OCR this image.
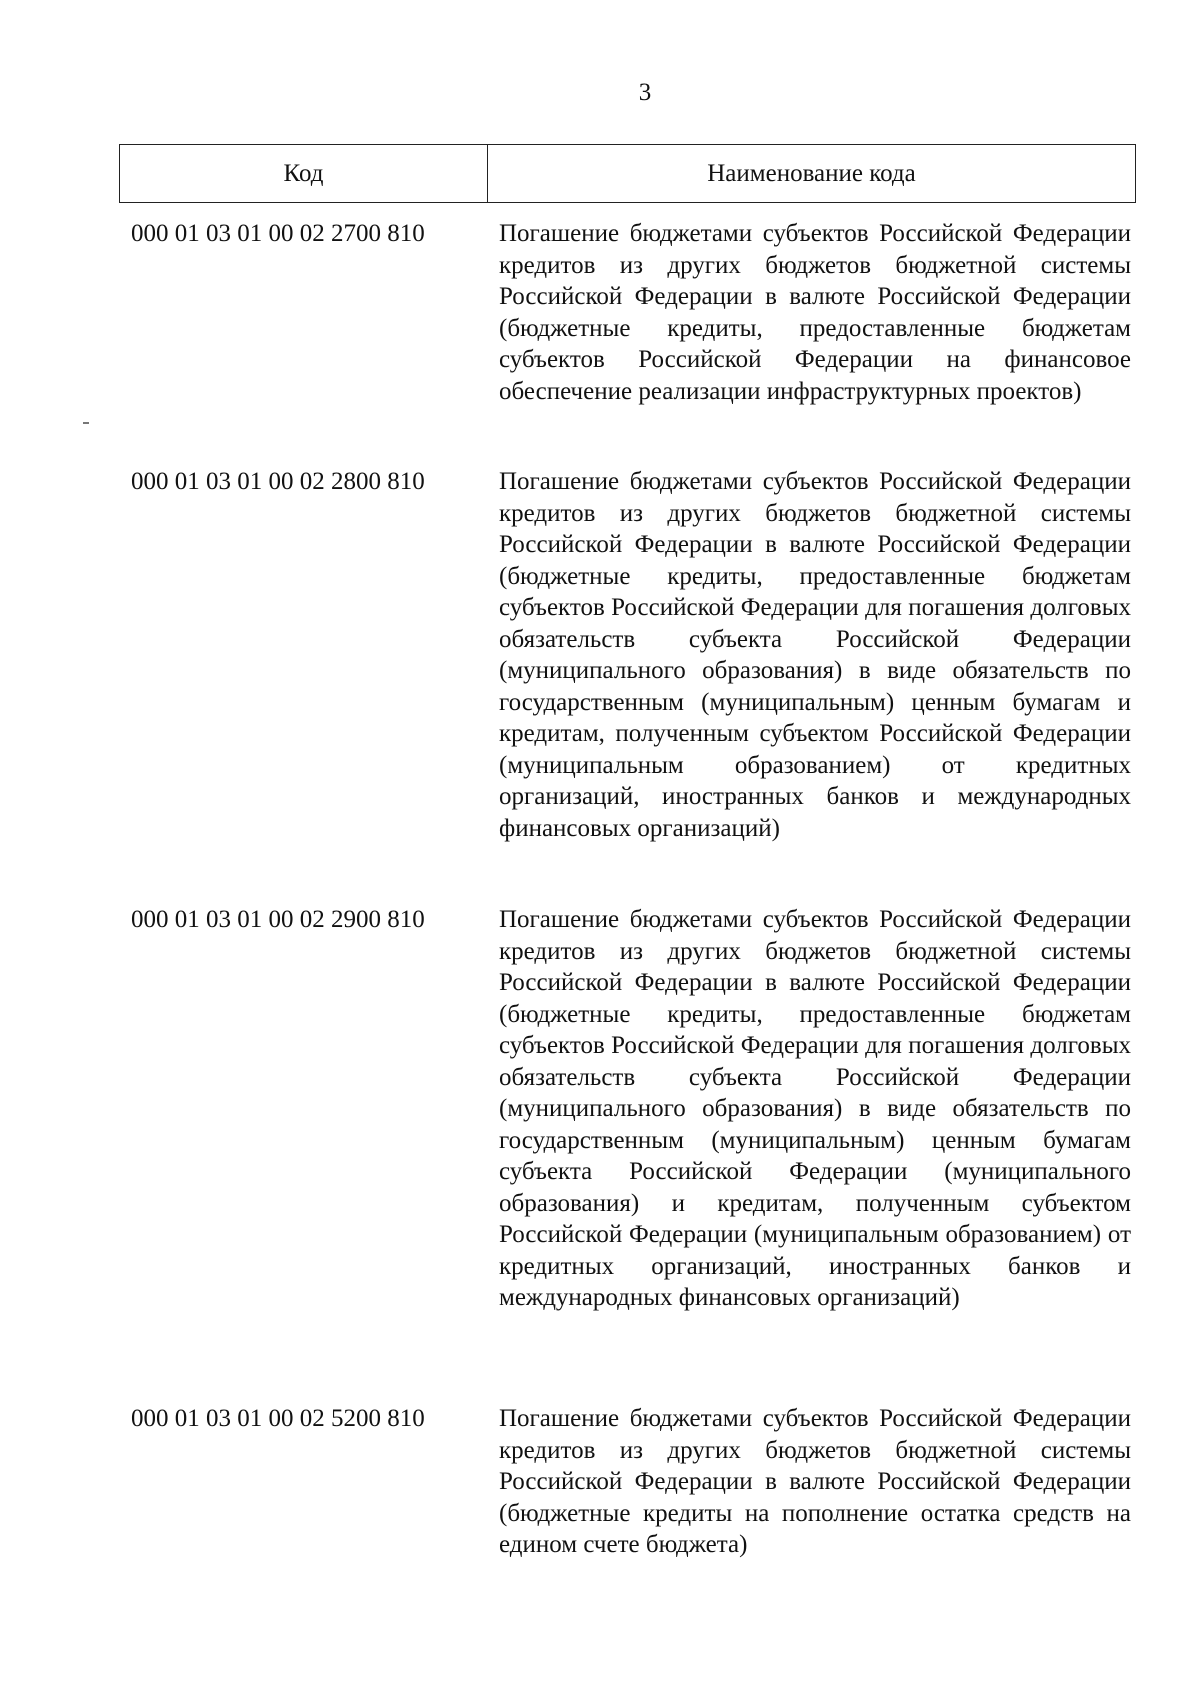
3
Код	Наименование кода
000 01 03 01 00 02 2700 810	Погашение бюджетами субъектов Российской Федерации кредитов из других бюджетов бюджетной системы Российской Федерации в валюте Российской Федерации (бюджетные кредиты, предоставленные бюджетам субъектов Российской Федерации на финансовое обеспечение реализации инфраструктурных проектов)
000 01 03 01 00 02 2800 810	Погашение бюджетами субъектов Российской Федерации кредитов из других бюджетов бюджетной системы Российской Федерации в валюте Российской Федерации (бюджетные кредиты, предоставленные бюджетам субъектов Российской Федерации для погашения долговых обязательств субъекта Российской Федерации (муниципального образования) в виде обязательств по государственным (муниципальным) ценным бумагам и кредитам, полученным субъектом Российской Федерации (муниципальным образованием) от кредитных организаций, иностранных банков и международных финансовых организаций)
000 01 03 01 00 02 2900 810	Погашение бюджетами субъектов Российской Федерации кредитов из других бюджетов бюджетной системы Российской Федерации в валюте Российской Федерации (бюджетные кредиты, предоставленные бюджетам субъектов Российской Федерации для погашения долговых обязательств субъекта Российской Федерации (муниципального образования) в виде обязательств по государственным (муниципальным) ценным бумагам субъекта Российской Федерации (муниципального образования) и кредитам, полученным субъектом Российской Федерации (муниципальным образованием) от кредитных организаций, иностранных банков и международных финансовых организаций)
000 01 03 01 00 02 5200 810	Погашение бюджетами субъектов Российской Федерации кредитов из других бюджетов бюджетной системы Российской Федерации в валюте Российской Федерации (бюджетные кредиты на пополнение остатка средств на едином счете бюджета)
